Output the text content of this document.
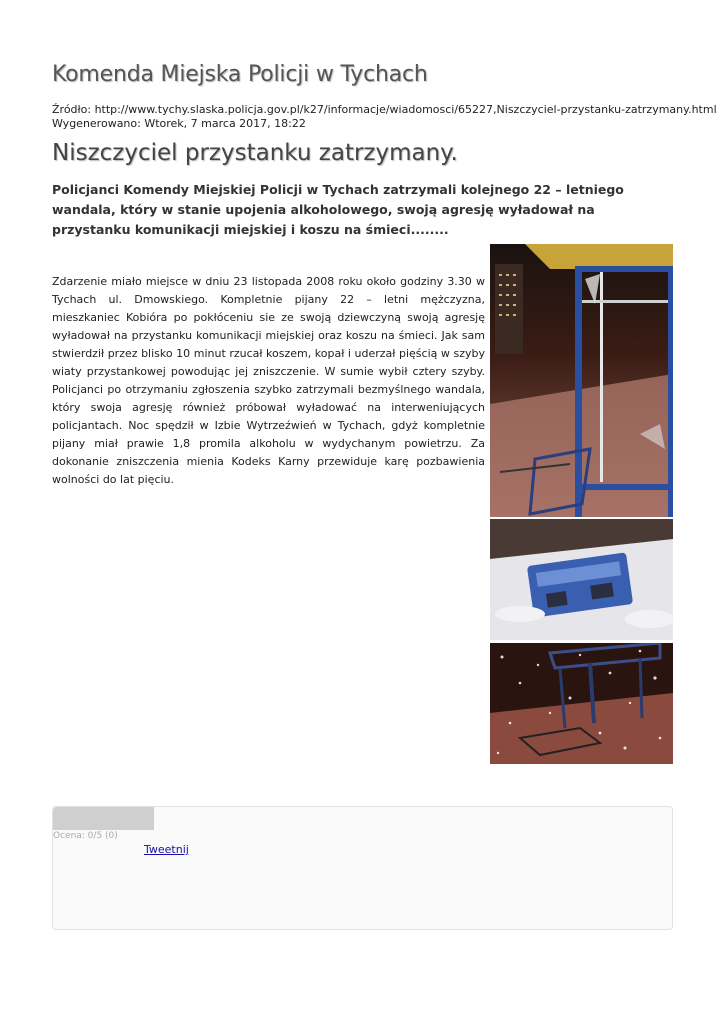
Komenda Miejska Policji w Tychach
Źródło: http://www.tychy.slaska.policja.gov.pl/k27/informacje/wiadomosci/65227,Niszczyciel-przystanku-zatrzymany.html
Wygenerowano: Wtorek, 7 marca 2017, 18:22
Niszczyciel przystanku zatrzymany.
Policjanci Komendy Miejskiej Policji w Tychach zatrzymali kolejnego 22 – letniego wandala, który w stanie upojenia alkoholowego, swoją agresję wyładował na przystanku komunikacji miejskiej i koszu na śmieci........
Zdarzenie miało miejsce w dniu 23 listopada 2008 roku około godziny 3.30 w Tychach ul. Dmowskiego. Kompletnie pijany 22 – letni mężczyzna, mieszkaniec Kobióra po pokłóceniu sie ze swoją dziewczyną swoją agresję wyładował na przystanku komunikacji miejskiej oraz koszu na śmieci. Jak sam stwierdził przez blisko 10 minut rzucał koszem, kopał i uderzał pięścią w szyby wiaty przystankowej powodując jej zniszczenie. W sumie wybił cztery szyby. Policjanci po otrzymaniu zgłoszenia szybko zatrzymali bezmyślnego wandala, który swoja agresję również próbował wyładować na interweniujących policjantach. Noc spędził w Izbie Wytrzeźwień w Tychach, gdyż kompletnie pijany miał prawie 1,8 promila alkoholu w wydychanym powietrzu. Za dokonanie zniszczenia mienia Kodeks Karny przewiduje karę pozbawienia wolności do lat pięciu.
Ocena: 0/5 (0)
Tweetnij
